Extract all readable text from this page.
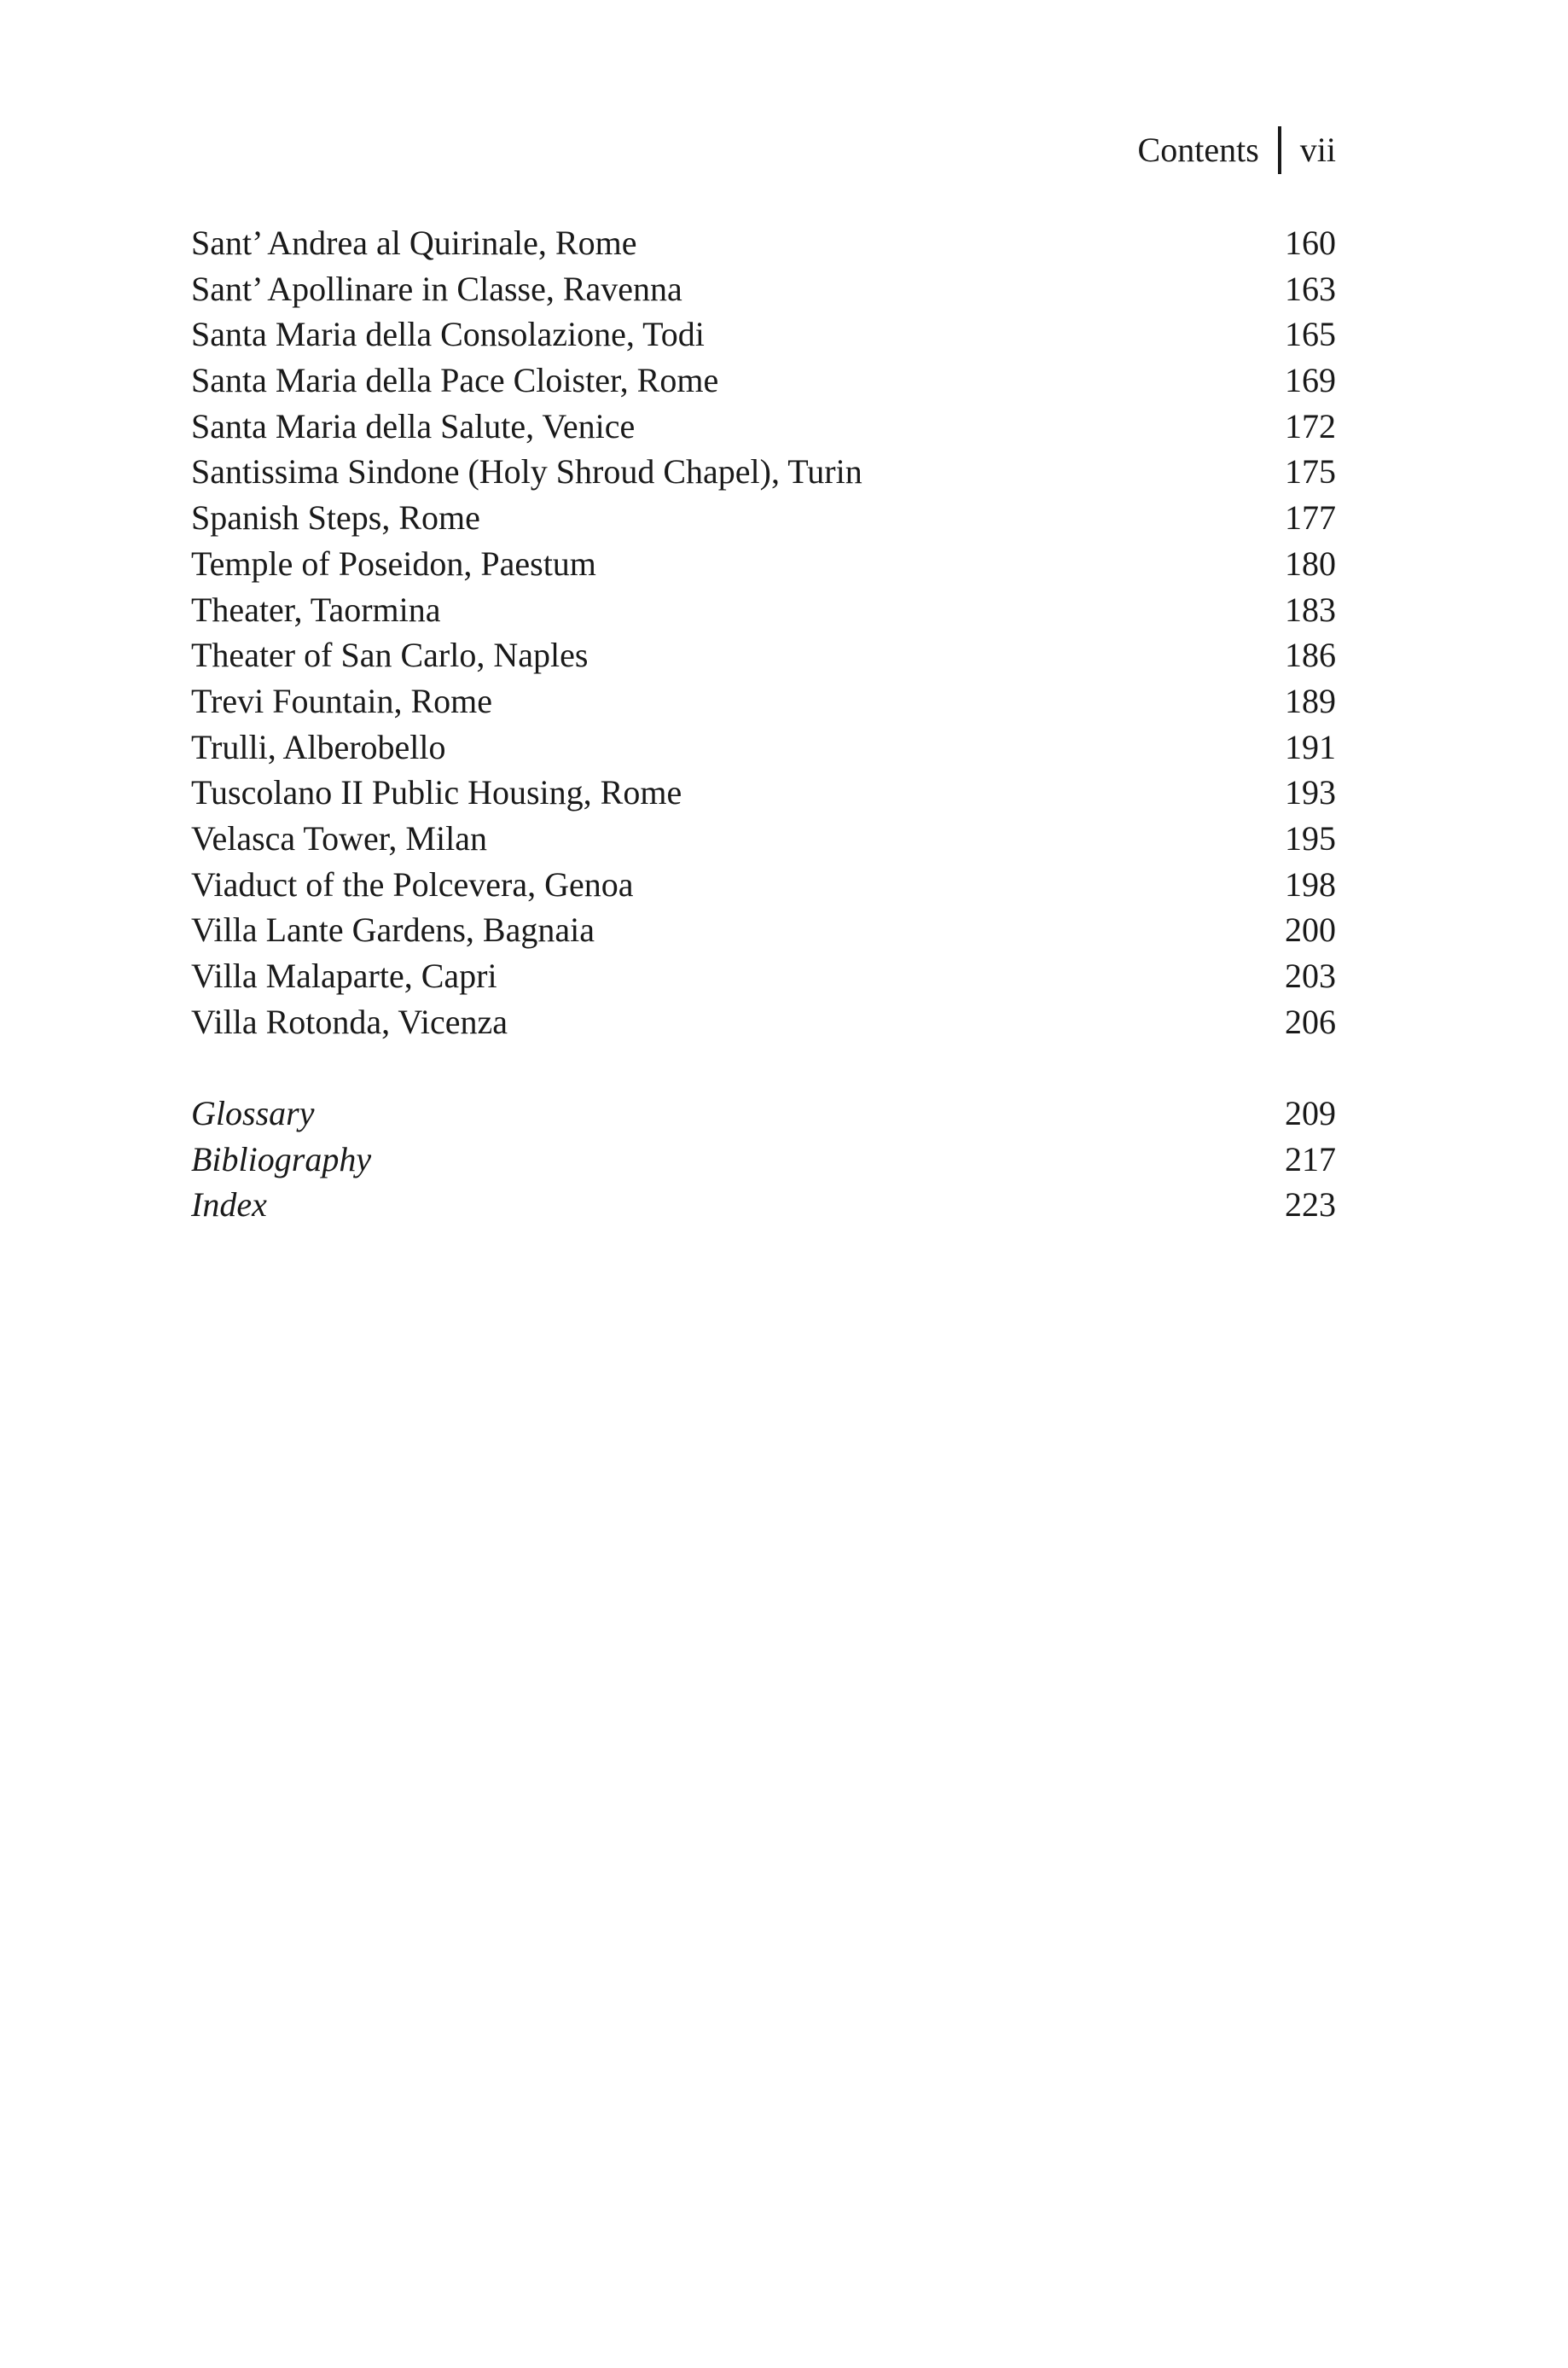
Contents vii
Sant’ Andrea al Quirinale, Rome	160
Sant’ Apollinare in Classe, Ravenna	163
Santa Maria della Consolazione, Todi	165
Santa Maria della Pace Cloister, Rome	169
Santa Maria della Salute, Venice	172
Santissima Sindone (Holy Shroud Chapel), Turin	175
Spanish Steps, Rome	177
Temple of Poseidon, Paestum	180
Theater, Taormina	183
Theater of San Carlo, Naples	186
Trevi Fountain, Rome	189
Trulli, Alberobello	191
Tuscolano II Public Housing, Rome	193
Velasca Tower, Milan	195
Viaduct of the Polcevera, Genoa	198
Villa Lante Gardens, Bagnaia	200
Villa Malaparte, Capri	203
Villa Rotonda, Vicenza	206
Glossary	209
Bibliography	217
Index	223
